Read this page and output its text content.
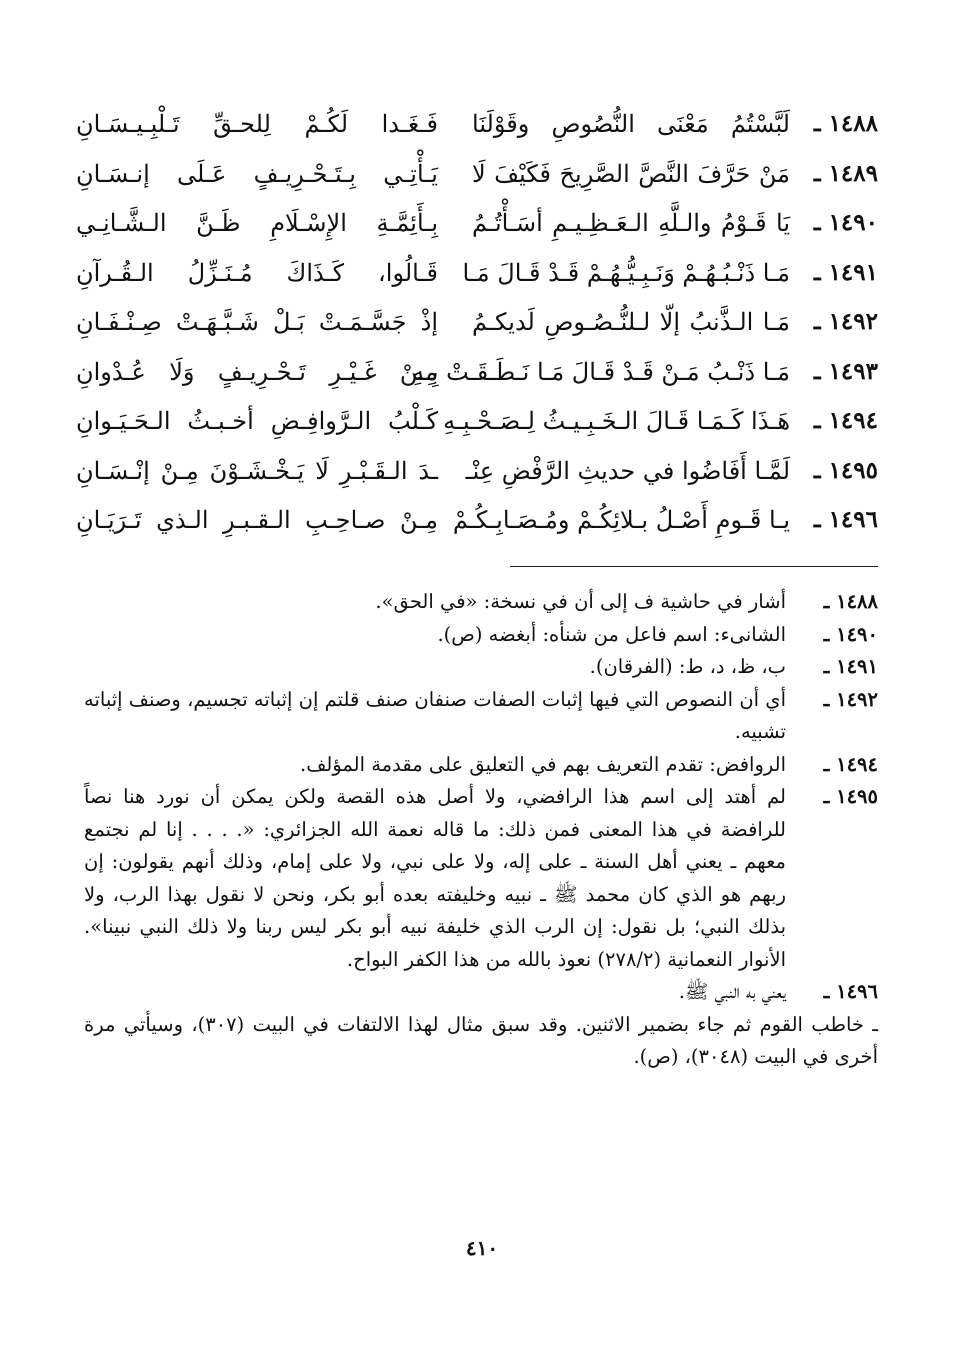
١٤٨٨ ـ
لَبَّسْتُمُ مَعْنَى النُّصُوصِ وقَوْلَنَا
فَـغَـدا لَكُـمْ لِلحـقِّ تَـلْبِـيـسَـانِ
١٤٨٩ ـ
مَنْ حَرَّفَ النَّصَّ الصَّرِيحَ فَكَيْفَ لَا
يَـأْتِـي بِـتَـحْـرِيـفٍ عَـلَى إنـسَـانِ
١٤٩٠ ـ
يَا قَـوْمُ والـلَّهِ الـعَـظِـيـمِ أسَـأْتُـمُ
بِـأَئِمَّـةِ الإِسْـلَامِ ظَـنَّ الـشَّـانِـي
١٤٩١ ـ
مَـا ذَنْـبُـهُـمْ وَنَـبِـيُّـهُـمْ قَـدْ قَـالَ مَـا
قَـالُوا، كَـذَاكَ مُـنَـزِّلُ الـقُـرآنِ
١٤٩٢ ـ
مَـا الـذَّنبُ إلّا لـلنُّـصُـوصِ لَديكـمُ
إذْ جَسَّـمَـتْ بَـلْ شَـبَّـهَـتْ صِـنْـفَـانِ
١٤٩٣ ـ
مَـا ذَنْـبُ مَـنْ قَـدْ قَـالَ مَـا نَـطَـقَـتْ بِـهِ
مِـنْ غَـيْـرِ تَـحْـرِيـفٍ وَلَا عُـدْوانِ
١٤٩٤ ـ
هَـذَا كَـمَـا قَـالَ الـخَـبِـيـثُ لِـصَـحْـبِـهِ
كَـلْبُ الـرَّوافِـضِ أخـبـثُ الـحَـيَـوانِ
١٤٩٥ ـ
لَمَّـا أَفَاضُوا في حديثِ الرَّفْضِ عِنْـ
ـدَ الـقَـبْـرِ لَا يَـخْـشَـوْنَ مِـنْ إنْـسَـانِ
١٤٩٦ ـ
يـا قَـومِ أَصْـلُ بـلائِكُـمْ ومُـصَـابِـكُـمْ
مِـنْ صـاحِـبِ الـقـبـرِ الـذي تَـرَيَـانِ
١٤٨٨ ـ
أشار في حاشية ف إلى أن في نسخة: «في الحق».
١٤٩٠ ـ
الشانىء: اسم فاعل من شنأه: أبغضه (ص).
١٤٩١ ـ
ب، ظ، د، ط: (الفرقان).
١٤٩٢ ـ
أي أن النصوص التي فيها إثبات الصفات صنفان صنف قلتم إن إثباته تجسيم، وصنف إثباته تشبيه.
١٤٩٤ ـ
الروافض: تقدم التعريف بهم في التعليق على مقدمة المؤلف.
١٤٩٥ ـ
لم أهتد إلى اسم هذا الرافضي، ولا أصل هذه القصة ولكن يمكن أن نورد هنا نصاً للرافضة في هذا المعنى فمن ذلك: ما قاله نعمة الله الجزائري: «. . . . إنا لم نجتمع معهم ـ يعني أهل السنة ـ على إله، ولا على نبي، ولا على إمام، وذلك أنهم يقولون: إن ربهم هو الذي كان محمد ﷺ ـ نبيه وخليفته بعده أبو بكر، ونحن لا نقول بهذا الرب، ولا بذلك النبي؛ بل نقول: إن الرب الذي خليفة نبيه أبو بكر ليس ربنا ولا ذلك النبي نبينا». الأنوار النعمانية (٢٧٨/٢) نعوذ بالله من هذا الكفر البواح.
١٤٩٦ ـ
يعني به النبي ﷺ.
ـ خاطب القوم ثم جاء بضمير الاثنين. وقد سبق مثال لهذا الالتفات في البيت (٣٠٧)، وسيأتي مرة أخرى في البيت (٣٠٤٨)، (ص).
٤١٠
